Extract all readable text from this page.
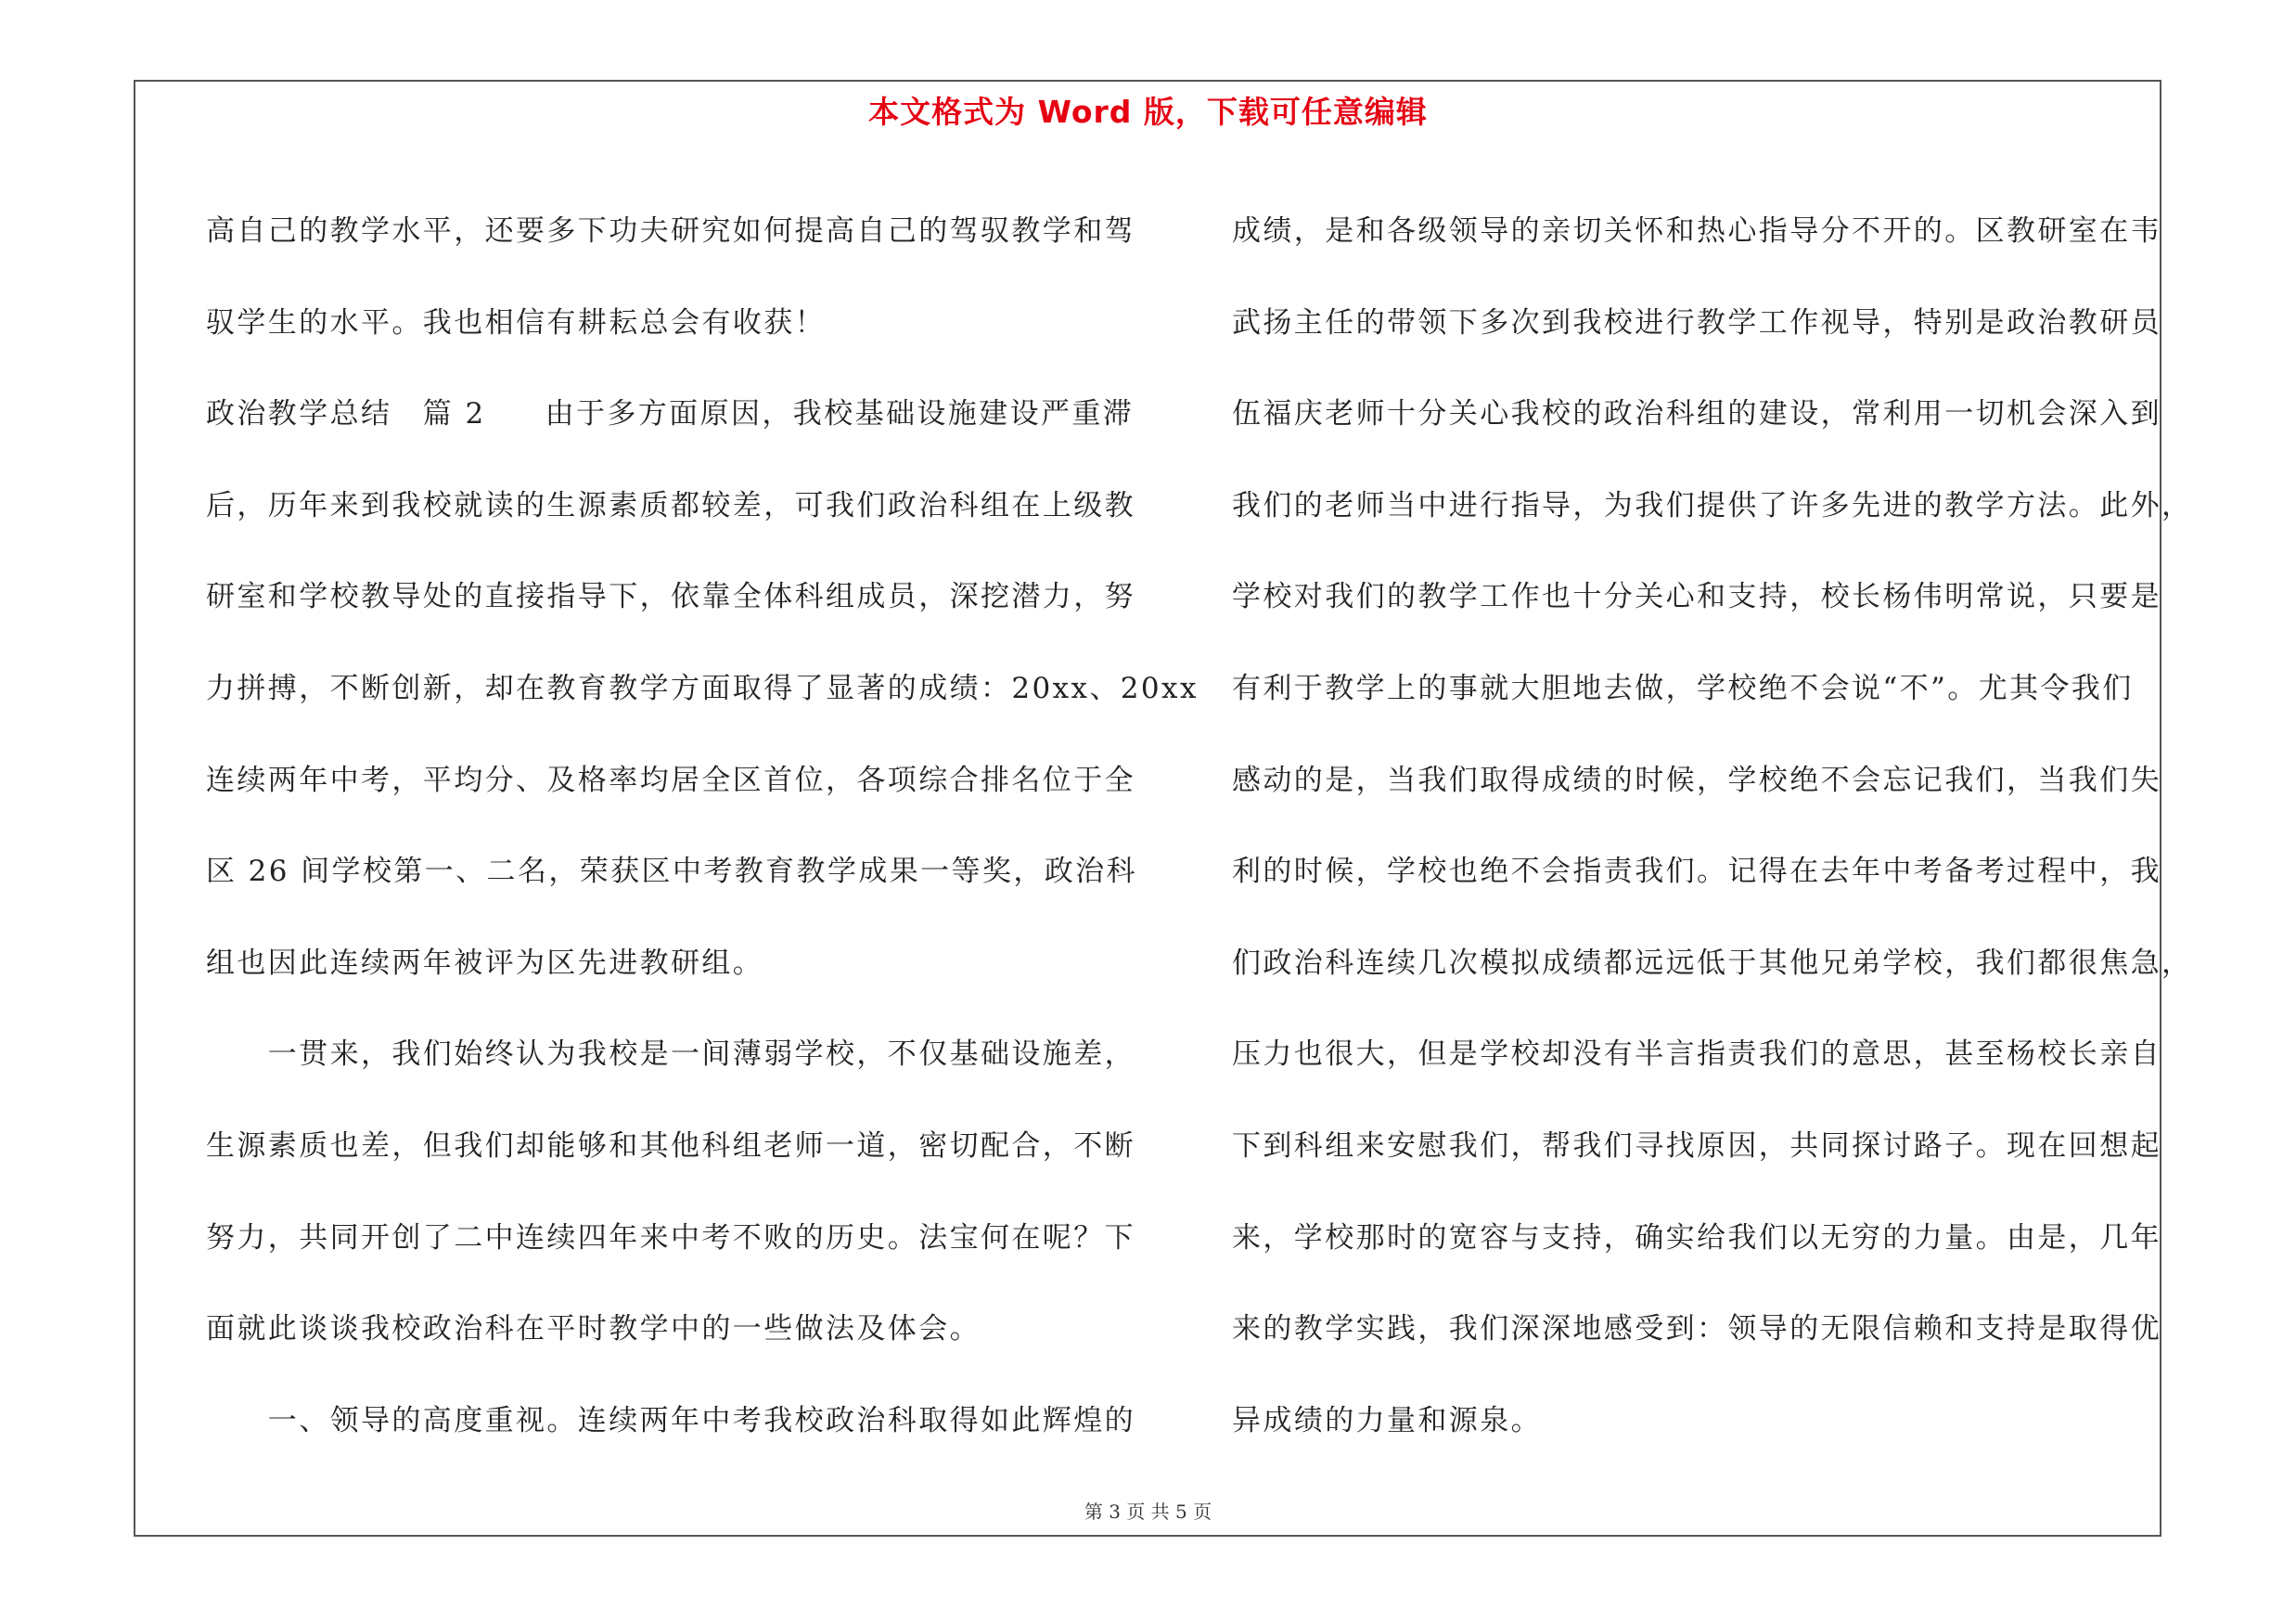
本文格式为 Word 版，下载可任意编辑
高自己的教学水平，还要多下功夫研究如何提高自己的驾驭教学和驾
驭学生的水平。我也相信有耕耘总会有收获！
政治教学总结　篇 2 由于多方面原因，我校基础设施建设严重滞
后，历年来到我校就读的生源素质都较差，可我们政治科组在上级教
研室和学校教导处的直接指导下，依靠全体科组成员，深挖潜力，努
力拼搏，不断创新，却在教育教学方面取得了显著的成绩：20xx、20xx
连续两年中考，平均分、及格率均居全区首位，各项综合排名位于全
区 26 间学校第一、二名，荣获区中考教育教学成果一等奖，政治科
组也因此连续两年被评为区先进教研组。
　　一贯来，我们始终认为我校是一间薄弱学校，不仅基础设施差，
生源素质也差，但我们却能够和其他科组老师一道，密切配合，不断
努力，共同开创了二中连续四年来中考不败的历史。法宝何在呢？下
面就此谈谈我校政治科在平时教学中的一些做法及体会。
　　一、领导的高度重视。连续两年中考我校政治科取得如此辉煌的
成绩，是和各级领导的亲切关怀和热心指导分不开的。区教研室在韦
武扬主任的带领下多次到我校进行教学工作视导，特别是政治教研员
伍福庆老师十分关心我校的政治科组的建设，常利用一切机会深入到
我们的老师当中进行指导，为我们提供了许多先进的教学方法。此外，
学校对我们的教学工作也十分关心和支持，校长杨伟明常说，只要是
有利于教学上的事就大胆地去做，学校绝不会说“不”。尤其令我们
感动的是，当我们取得成绩的时候，学校绝不会忘记我们，当我们失
利的时候，学校也绝不会指责我们。记得在去年中考备考过程中，我
们政治科连续几次模拟成绩都远远低于其他兄弟学校，我们都很焦急，
压力也很大，但是学校却没有半言指责我们的意思，甚至杨校长亲自
下到科组来安慰我们，帮我们寻找原因，共同探讨路子。现在回想起
来，学校那时的宽容与支持，确实给我们以无穷的力量。由是，几年
来的教学实践，我们深深地感受到：领导的无限信赖和支持是取得优
异成绩的力量和源泉。
第 3 页 共 5 页
